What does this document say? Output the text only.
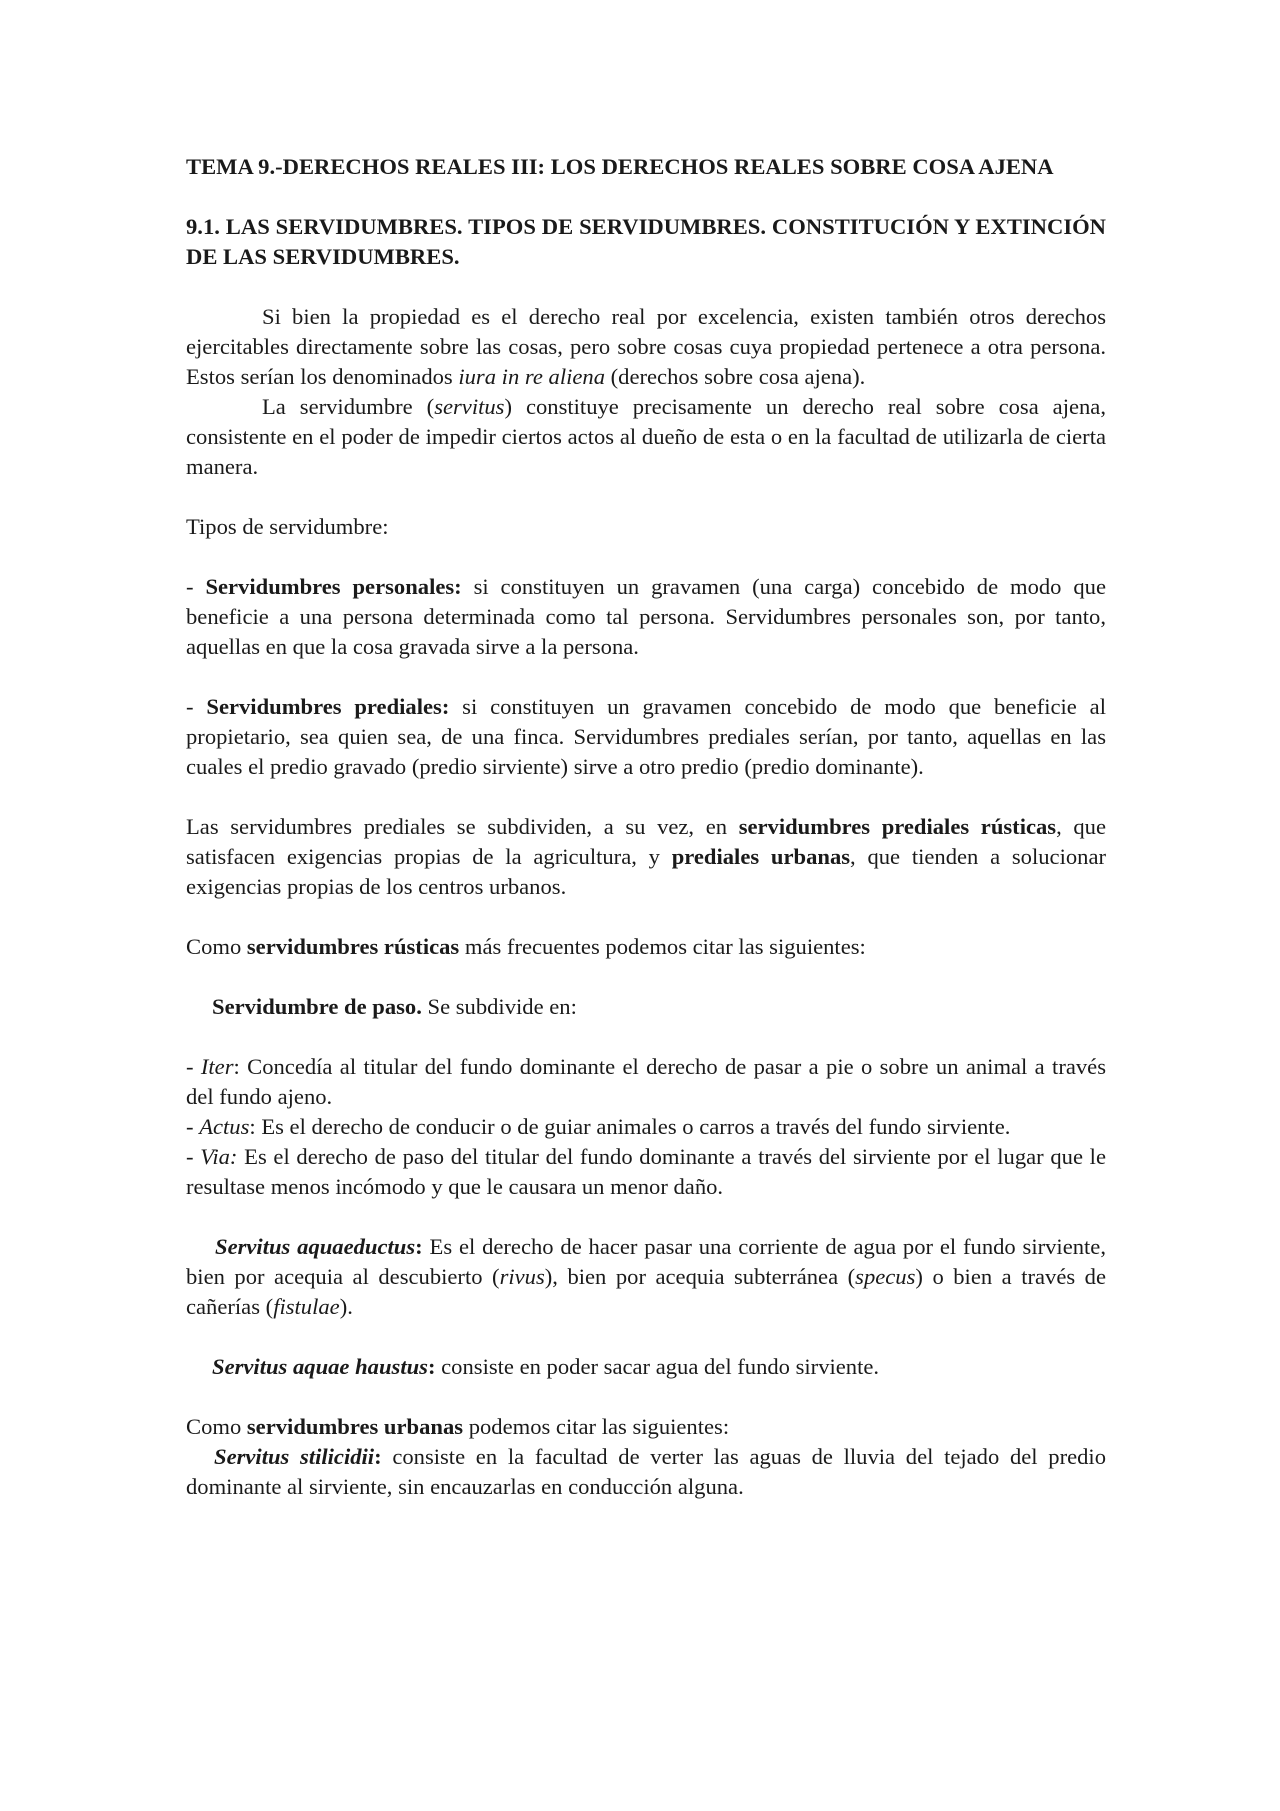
TEMA 9.-DERECHOS REALES III: LOS DERECHOS REALES SOBRE COSA AJENA
9.1. LAS SERVIDUMBRES. TIPOS DE SERVIDUMBRES. CONSTITUCIÓN Y EXTINCIÓN DE LAS SERVIDUMBRES.

Si bien la propiedad es el derecho real por excelencia, existen también otros derechos ejercitables directamente sobre las cosas, pero sobre cosas cuya propiedad pertenece a otra persona. Estos serían los denominados iura in re aliena (derechos sobre cosa ajena).

La servidumbre (servitus) constituye precisamente un derecho real sobre cosa ajena, consistente en el poder de impedir ciertos actos al dueño de esta o en la facultad de utilizarla de cierta manera.

Tipos de servidumbre:

- Servidumbres personales: si constituyen un gravamen (una carga) concebido de modo que beneficie a una persona determinada como tal persona. Servidumbres personales son, por tanto, aquellas en que la cosa gravada sirve a la persona.

- Servidumbres prediales: si constituyen un gravamen concebido de modo que beneficie al propietario, sea quien sea, de una finca. Servidumbres prediales serían, por tanto, aquellas en las cuales el predio gravado (predio sirviente) sirve a otro predio (predio dominante).

Las servidumbres prediales se subdividen, a su vez, en servidumbres prediales rústicas, que satisfacen exigencias propias de la agricultura, y prediales urbanas, que tienden a solucionar exigencias propias de los centros urbanos.

Como servidumbres rústicas más frecuentes podemos citar las siguientes:

Servidumbre de paso. Se subdivide en:

- Iter: Concedía al titular del fundo dominante el derecho de pasar a pie o sobre un animal a través del fundo ajeno.

- Actus: Es el derecho de conducir o de guiar animales o carros a través del fundo sirviente.

- Via: Es el derecho de paso del titular del fundo dominante a través del sirviente por el lugar que le resultase menos incómodo y que le causara un menor daño.

Servitus aquaeductus: Es el derecho de hacer pasar una corriente de agua por el fundo sirviente, bien por acequia al descubierto (rivus), bien por acequia subterránea (specus) o bien a través de cañerías (fistulae).

Servitus aquae haustus: consiste en poder sacar agua del fundo sirviente.

Como servidumbres urbanas podemos citar las siguientes:

Servitus stilicidii: consiste en la facultad de verter las aguas de lluvia del tejado del predio dominante al sirviente, sin encauzarlas en conducción alguna.
